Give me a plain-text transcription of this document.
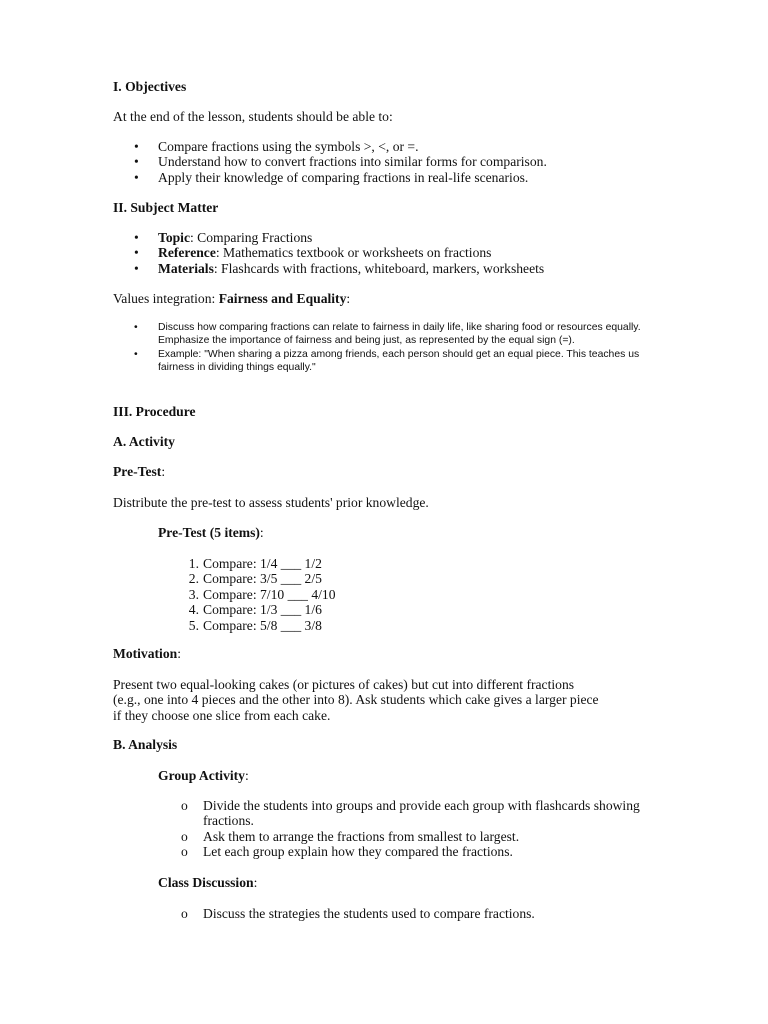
I. Objectives

At the end of the lesson, students should be able to:

• Compare fractions using the symbols >, <, or =.
• Understand how to convert fractions into similar forms for comparison.
• Apply their knowledge of comparing fractions in real-life scenarios.

II. Subject Matter

• Topic: Comparing Fractions
• Reference: Mathematics textbook or worksheets on fractions
• Materials: Flashcards with fractions, whiteboard, markers, worksheets

Values integration: Fairness and Equality:

• Discuss how comparing fractions can relate to fairness in daily life, like sharing food or resources equally. Emphasize the importance of fairness and being just, as represented by the equal sign (=).
• Example: "When sharing a pizza among friends, each person should get an equal piece. This teaches us fairness in dividing things equally."

III. Procedure

A. Activity

Pre-Test:

Distribute the pre-test to assess students' prior knowledge.

Pre-Test (5 items):

1. Compare: 1/4 ___ 1/2
2. Compare: 3/5 ___ 2/5
3. Compare: 7/10 ___ 4/10
4. Compare: 1/3 ___ 1/6
5. Compare: 5/8 ___ 3/8

Motivation:

Present two equal-looking cakes (or pictures of cakes) but cut into different fractions
(e.g., one into 4 pieces and the other into 8). Ask students which cake gives a larger piece
if they choose one slice from each cake.

B. Analysis

Group Activity:

o Divide the students into groups and provide each group with flashcards showing fractions.
o Ask them to arrange the fractions from smallest to largest.
o Let each group explain how they compared the fractions.

Class Discussion:

o Discuss the strategies the students used to compare fractions.
